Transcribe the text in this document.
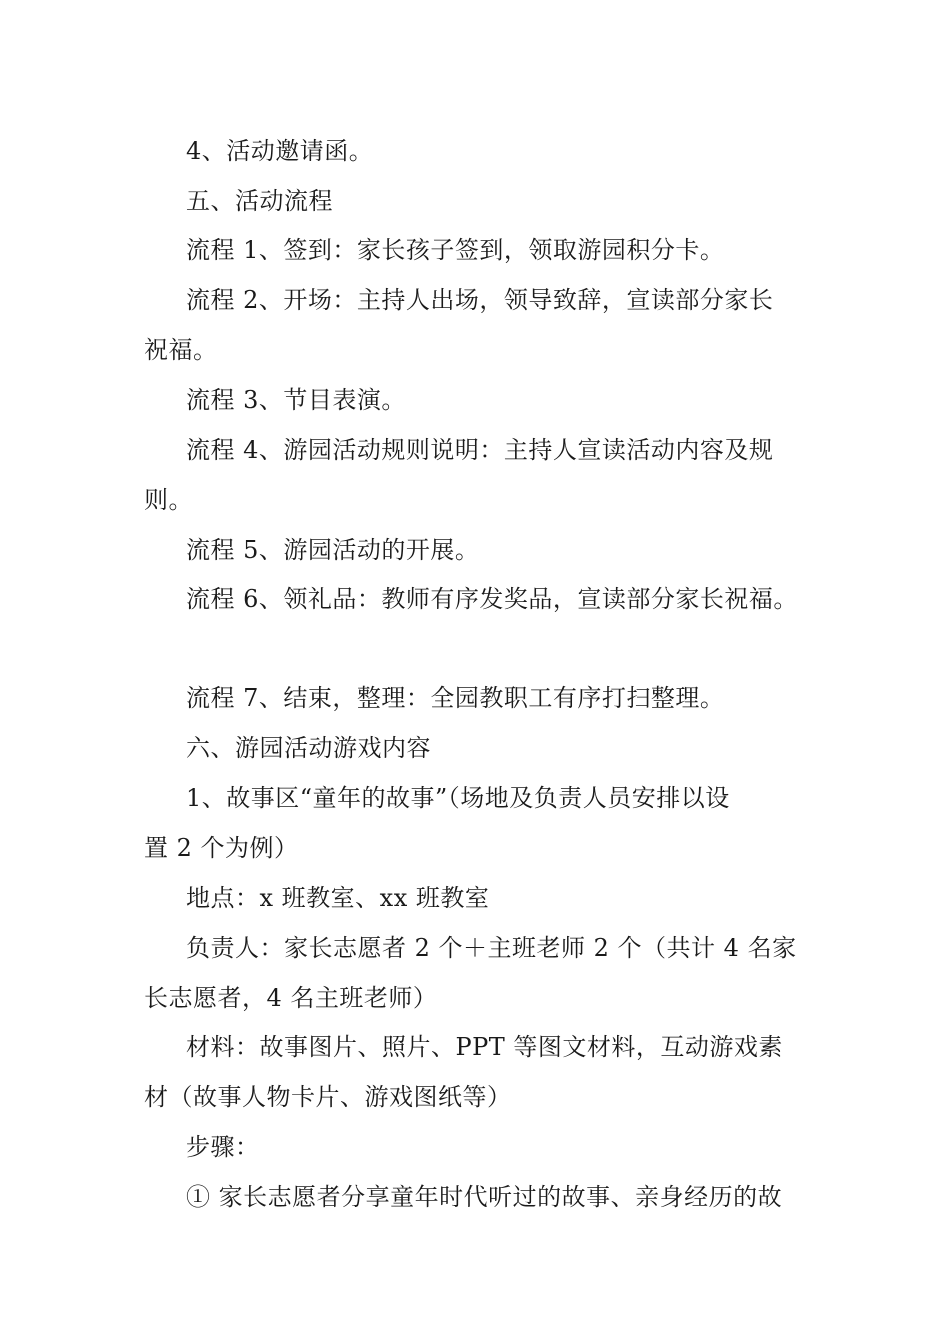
4、活动邀请函。
五、活动流程
流程 1、签到：家长孩子签到，领取游园积分卡。
流程 2、开场：主持人出场，领导致辞，宣读部分家长
祝福。
流程 3、节目表演。
流程 4、游园活动规则说明：主持人宣读活动内容及规
则。
流程 5、游园活动的开展。
流程 6、领礼品：教师有序发奖品，宣读部分家长祝福。
流程 7、结束，整理：全园教职工有序打扫整理。
六、游园活动游戏内容
1、故事区“童年的故事”（场地及负责人员安排以设
置 2 个为例）
地点：x 班教室、xx 班教室
负责人：家长志愿者 2 个＋主班老师 2 个（共计 4 名家
长志愿者，4 名主班老师）
材料：故事图片、照片、PPT 等图文材料，互动游戏素
材（故事人物卡片、游戏图纸等）
步骤：
① 家长志愿者分享童年时代听过的故事、亲身经历的故
